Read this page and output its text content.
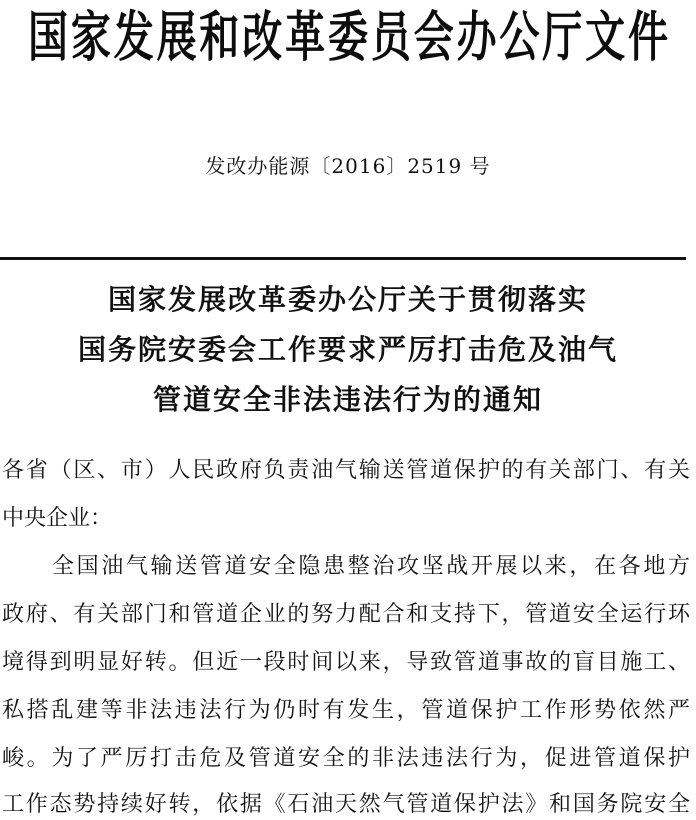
国家发展和改革委员会办公厅文件
发改办能源〔2016〕2519 号
国家发展改革委办公厅关于贯彻落实
国务院安委会工作要求严厉打击危及油气
管道安全非法违法行为的通知
各省（区、市）人民政府负责油气输送管道保护的有关部门、有关
中央企业：
全国油气输送管道安全隐患整治攻坚战开展以来，在各地方
政府、有关部门和管道企业的努力配合和支持下，管道安全运行环
境得到明显好转。但近一段时间以来，导致管道事故的盲目施工、
私搭乱建等非法违法行为仍时有发生，管道保护工作形势依然严
峻。为了严厉打击危及管道安全的非法违法行为，促进管道保护
工作态势持续好转，依据《石油天然气管道保护法》和国务院安全
